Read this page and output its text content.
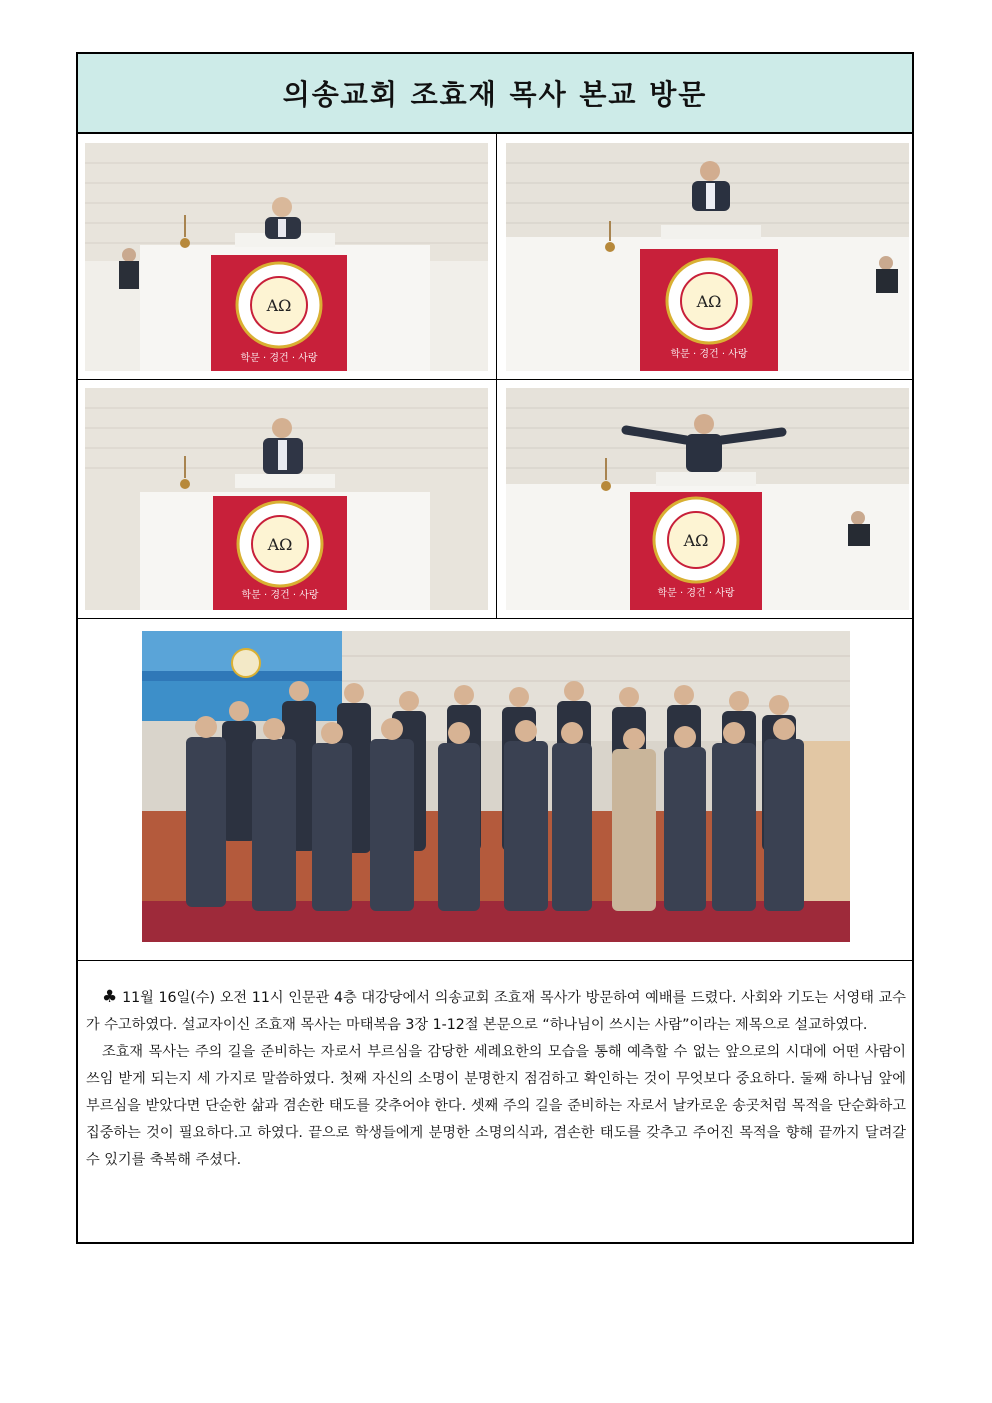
의송교회 조효재 목사 본교 방문
AΩ
학문 · 경건 · 사랑
AΩ
학문 · 경건 · 사랑
AΩ
학문 · 경건 · 사랑
AΩ
학문 · 경건 · 사랑

♣ 11월 16일(수) 오전 11시 인문관 4층 대강당에서 의송교회 조효재 목사가 방문하여 예배를 드렸다. 사회와 기도는 서영태 교수가 수고하였다. 설교자이신 조효재 목사는 마태복음 3장 1-12절 본문으로 “하나님이 쓰시는 사람”이라는 제목으로 설교하였다.

조효재 목사는 주의 길을 준비하는 자로서 부르심을 감당한 세례요한의 모습을 통해 예측할 수 없는 앞으로의 시대에 어떤 사람이 쓰임 받게 되는지 세 가지로 말씀하였다. 첫째 자신의 소명이 분명한지 점검하고 확인하는 것이 무엇보다 중요하다. 둘째 하나님 앞에 부르심을 받았다면 단순한 삶과 겸손한 태도를 갖추어야 한다. 셋째 주의 길을 준비하는 자로서 날카로운 송곳처럼 목적을 단순화하고 집중하는 것이 필요하다.고 하였다. 끝으로 학생들에게 분명한 소명의식과, 겸손한 태도를 갖추고 주어진 목적을 향해 끝까지 달려갈 수 있기를 축복해 주셨다.
